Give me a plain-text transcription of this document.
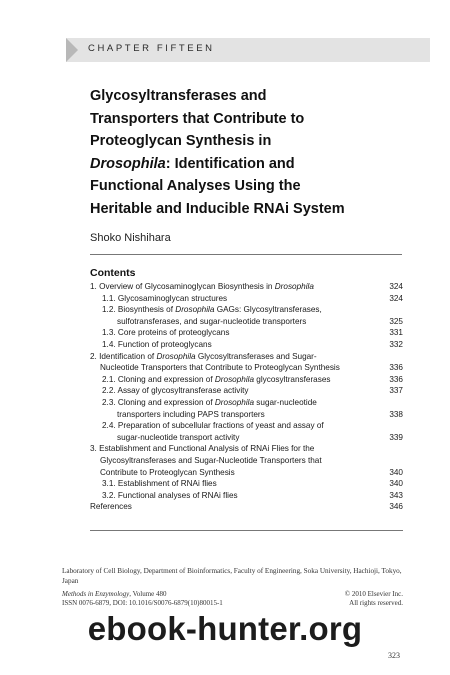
CHAPTER FIFTEEN
Glycosyltransferases and
Transporters that Contribute to
Proteoglycan Synthesis in
Drosophila: Identification and
Functional Analyses Using the
Heritable and Inducible RNAi System
Shoko Nishihara
Contents
1. Overview of Glycosaminoglycan Biosynthesis in Drosophila	324
1.1. Glycosaminoglycan structures	324
1.2. Biosynthesis of Drosophila GAGs: Glycosyltransferases,
sulfotransferases, and sugar-nucleotide transporters	325
1.3. Core proteins of proteoglycans	331
1.4. Function of proteoglycans	332
2. Identification of Drosophila Glycosyltransferases and Sugar-
Nucleotide Transporters that Contribute to Proteoglycan Synthesis	336
2.1. Cloning and expression of Drosophila glycosyltransferases	336
2.2. Assay of glycosyltransferase activity	337
2.3. Cloning and expression of Drosophila sugar-nucleotide
transporters including PAPS transporters	338
2.4. Preparation of subcellular fractions of yeast and assay of
sugar-nucleotide transport activity	339
3. Establishment and Functional Analysis of RNAi Flies for the
Glycosyltransferases and Sugar-Nucleotide Transporters that
Contribute to Proteoglycan Synthesis	340
3.1. Establishment of RNAi flies	340
3.2. Functional analyses of RNAi flies	343
References	346
Laboratory of Cell Biology, Department of Bioinformatics, Faculty of Engineering, Soka University, Hachioji, Tokyo, Japan
Methods in Enzymology, Volume 480	© 2010 Elsevier Inc.
ISSN 0076-6879, DOI: 10.1016/S0076-6879(10)80015-1	All rights reserved.
ebook-hunter.org
323
